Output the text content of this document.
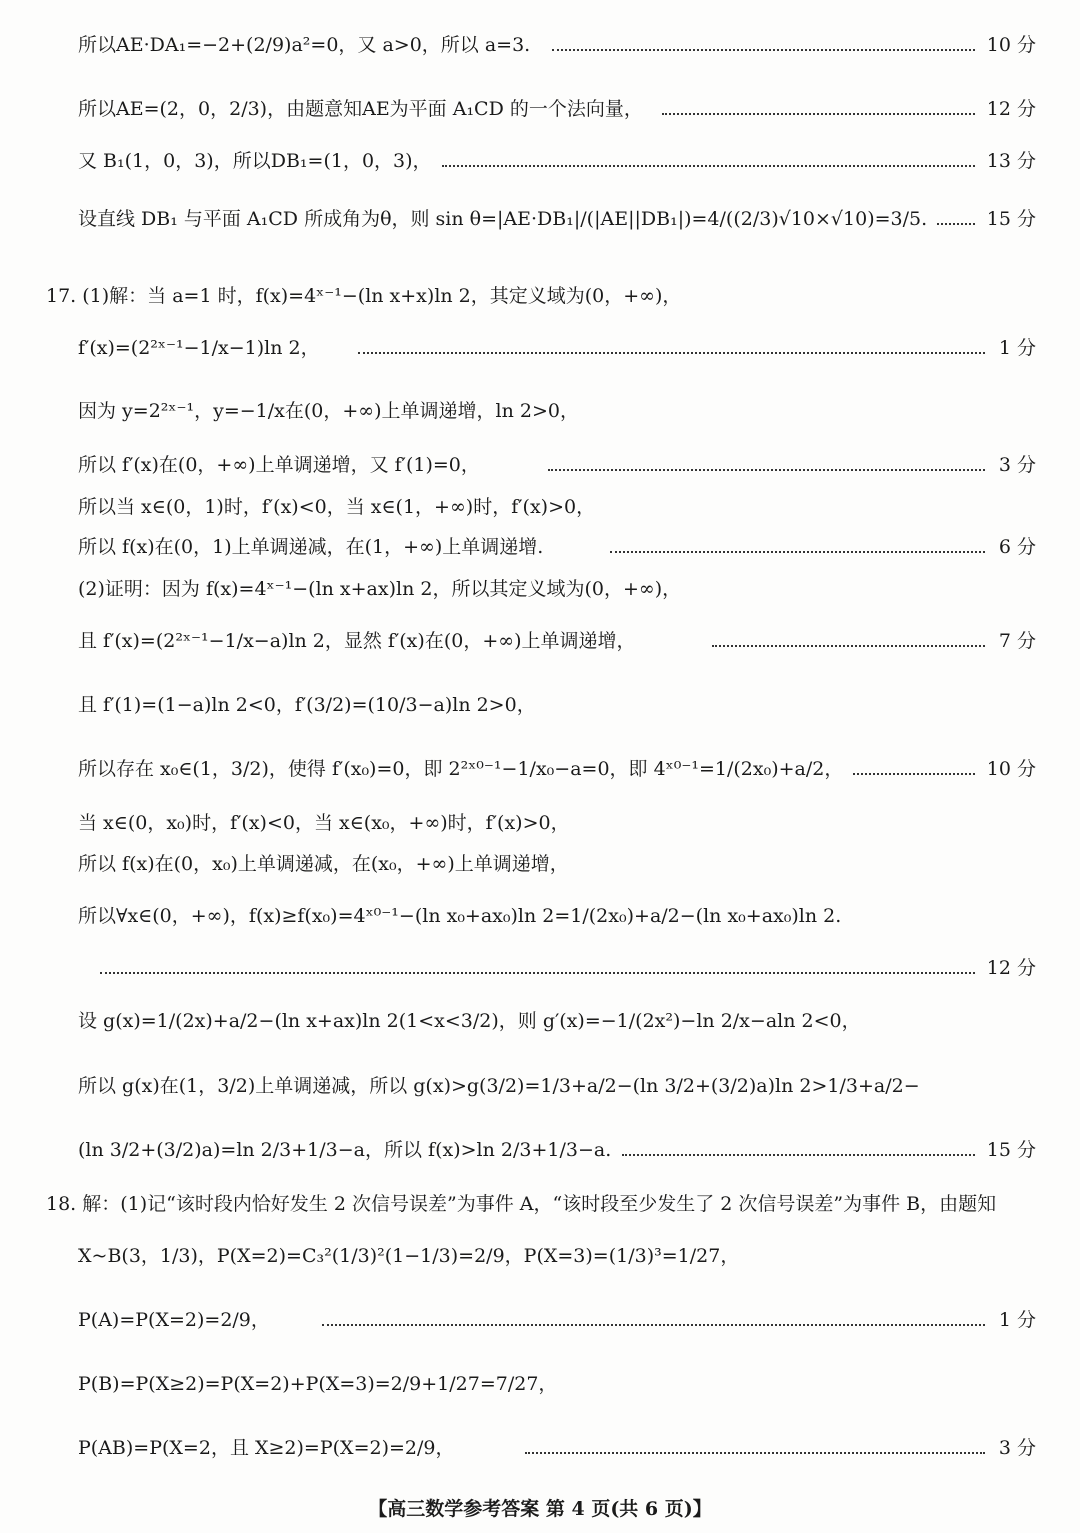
所以AE·DA₁=−2+(2/9)a²=0，又 a>0，所以 a=3.	10 分
所以AE=(2，0，2/3)，由题意知AE为平面 A₁CD 的一个法向量，	12 分
又 B₁(1，0，3)，所以DB₁=(1，0，3)，	13 分
设直线 DB₁ 与平面 A₁CD 所成角为θ，则 sin θ=|AE·DB₁|/(|AE||DB₁|)=4/((2/3)√10×√10)=3/5.	15 分
17. (1)解：当 a=1 时，f(x)=4ˣ⁻¹−(ln x+x)ln 2，其定义域为(0，+∞)，
f′(x)=(2²ˣ⁻¹−1/x−1)ln 2，	1 分
因为 y=2²ˣ⁻¹，y=−1/x在(0，+∞)上单调递增，ln 2>0，
所以 f′(x)在(0，+∞)上单调递增，又 f′(1)=0，	3 分
所以当 x∈(0，1)时，f′(x)<0，当 x∈(1，+∞)时，f′(x)>0，
所以 f(x)在(0，1)上单调递减，在(1，+∞)上单调递增.	6 分
(2)证明：因为 f(x)=4ˣ⁻¹−(ln x+ax)ln 2，所以其定义域为(0，+∞)，
且 f′(x)=(2²ˣ⁻¹−1/x−a)ln 2，显然 f′(x)在(0，+∞)上单调递增，	7 分
且 f′(1)=(1−a)ln 2<0，f′(3/2)=(10/3−a)ln 2>0，
所以存在 x₀∈(1，3/2)，使得 f′(x₀)=0，即 2²ˣ⁰⁻¹−1/x₀−a=0，即 4ˣ⁰⁻¹=1/(2x₀)+a/2，	10 分
当 x∈(0，x₀)时，f′(x)<0，当 x∈(x₀，+∞)时，f′(x)>0，
所以 f(x)在(0，x₀)上单调递减，在(x₀，+∞)上单调递增，
所以∀x∈(0，+∞)，f(x)≥f(x₀)=4ˣ⁰⁻¹−(ln x₀+ax₀)ln 2=1/(2x₀)+a/2−(ln x₀+ax₀)ln 2.
12 分
设 g(x)=1/(2x)+a/2−(ln x+ax)ln 2(1<x<3/2)，则 g′(x)=−1/(2x²)−ln 2/x−aln 2<0，
所以 g(x)在(1，3/2)上单调递减，所以 g(x)>g(3/2)=1/3+a/2−(ln 3/2+(3/2)a)ln 2>1/3+a/2−
(ln 3/2+(3/2)a)=ln 2/3+1/3−a，所以 f(x)>ln 2/3+1/3−a.	15 分
18. 解：(1)记“该时段内恰好发生 2 次信号误差”为事件 A，“该时段至少发生了 2 次信号误差”为事件 B，由题知
X~B(3，1/3)，P(X=2)=C₃²(1/3)²(1−1/3)=2/9，P(X=3)=(1/3)³=1/27，
P(A)=P(X=2)=2/9，	1 分
P(B)=P(X≥2)=P(X=2)+P(X=3)=2/9+1/27=7/27，
P(AB)=P(X=2，且 X≥2)=P(X=2)=2/9，	3 分
【高三数学参考答案 第 4 页(共 6 页)】
